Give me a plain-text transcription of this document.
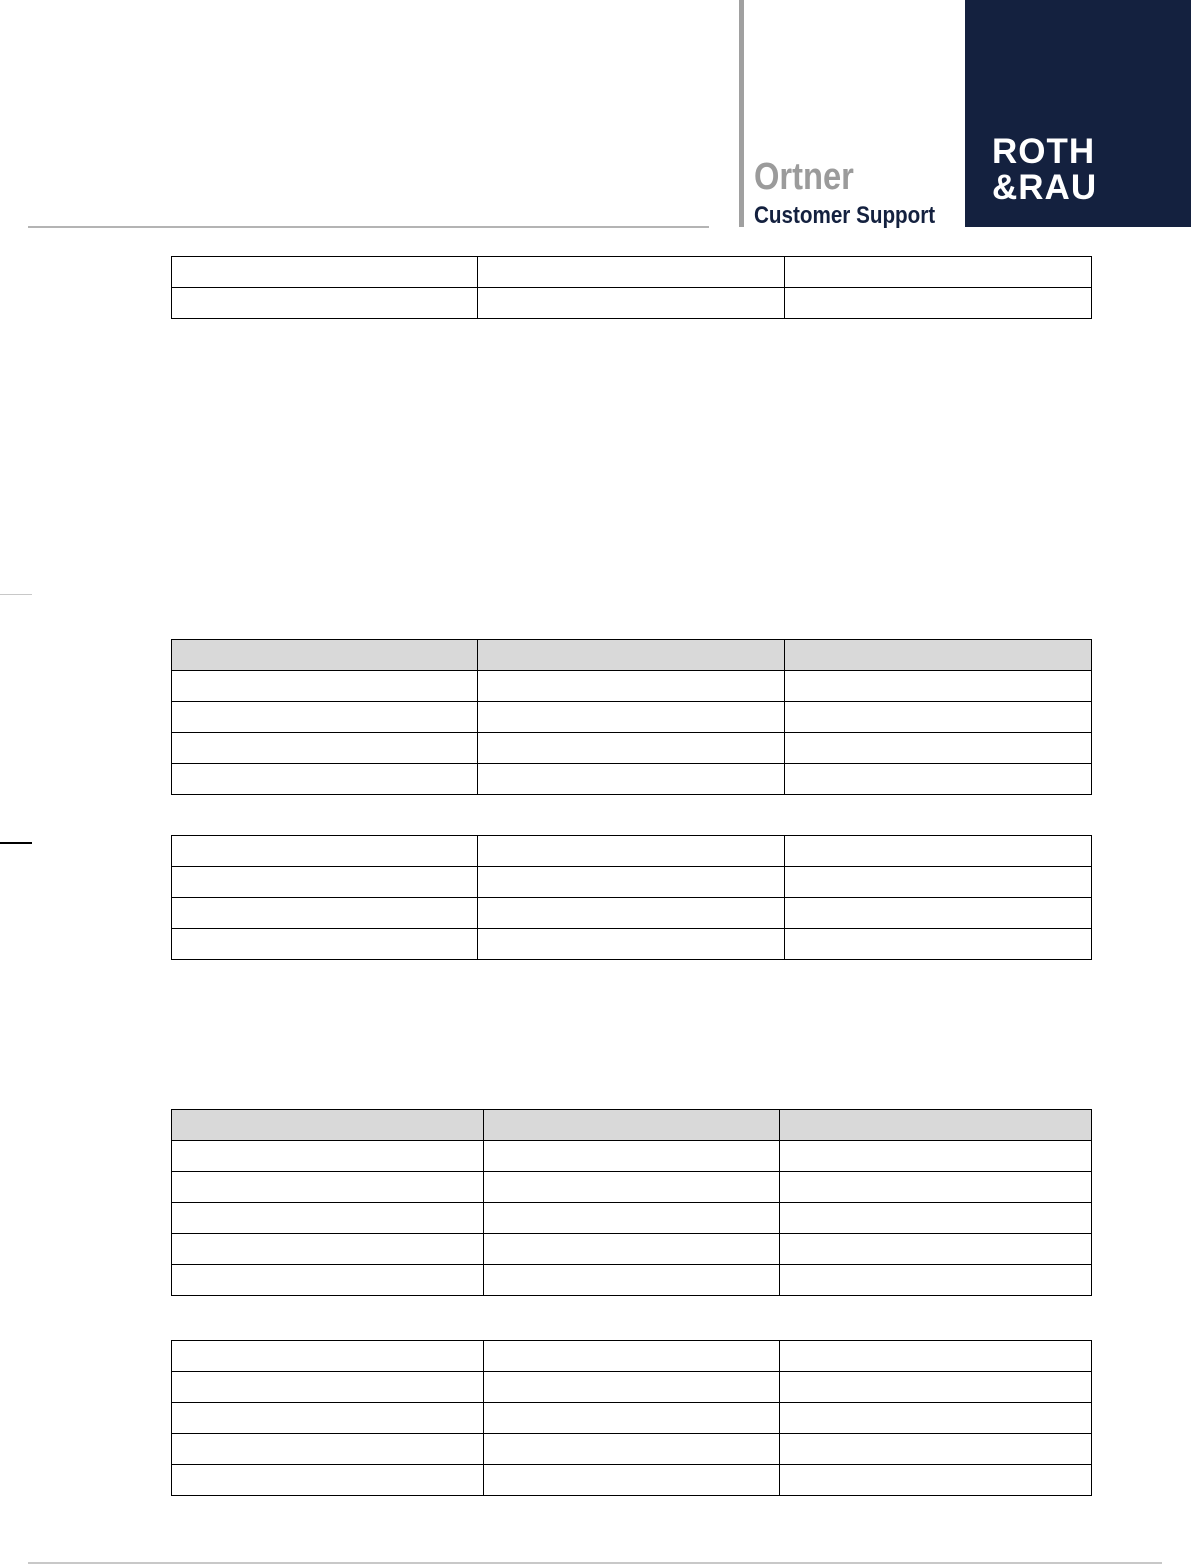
Ortner
Customer Support
ROTH
&RAU
